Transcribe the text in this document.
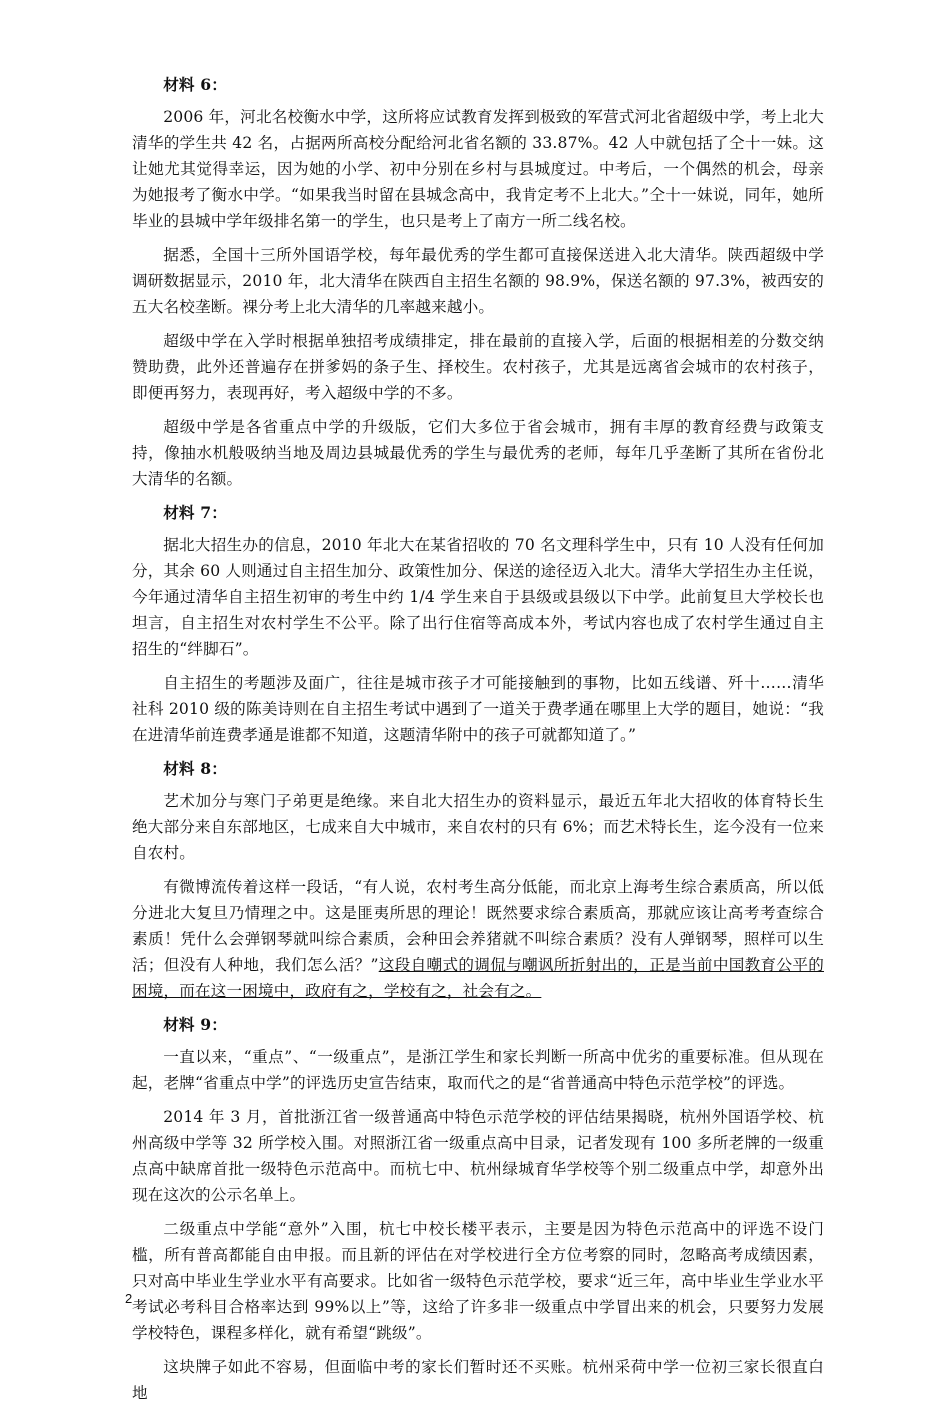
材料 6：

2006 年，河北名校衡水中学，这所将应试教育发挥到极致的军营式河北省超级中学，考上北大清华的学生共 42 名，占据两所高校分配给河北省名额的 33.87%。42 人中就包括了仝十一妹。这让她尤其觉得幸运，因为她的小学、初中分别在乡村与县城度过。中考后，一个偶然的机会，母亲为她报考了衡水中学。“如果我当时留在县城念高中，我肯定考不上北大。”仝十一妹说，同年，她所毕业的县城中学年级排名第一的学生，也只是考上了南方一所二线名校。

据悉，全国十三所外国语学校，每年最优秀的学生都可直接保送进入北大清华。陕西超级中学调研数据显示，2010 年，北大清华在陕西自主招生名额的 98.9%，保送名额的 97.3%，被西安的五大名校垄断。裸分考上北大清华的几率越来越小。

超级中学在入学时根据单独招考成绩排定，排在最前的直接入学，后面的根据相差的分数交纳赞助费，此外还普遍存在拼爹妈的条子生、择校生。农村孩子，尤其是远离省会城市的农村孩子，即便再努力，表现再好，考入超级中学的不多。

超级中学是各省重点中学的升级版，它们大多位于省会城市，拥有丰厚的教育经费与政策支持，像抽水机般吸纳当地及周边县城最优秀的学生与最优秀的老师，每年几乎垄断了其所在省份北大清华的名额。

材料 7：

据北大招生办的信息，2010 年北大在某省招收的 70 名文理科学生中，只有 10 人没有任何加分，其余 60 人则通过自主招生加分、政策性加分、保送的途径迈入北大。清华大学招生办主任说，今年通过清华自主招生初审的考生中约 1/4 学生来自于县级或县级以下中学。此前复旦大学校长也坦言，自主招生对农村学生不公平。除了出行住宿等高成本外，考试内容也成了农村学生通过自主招生的“绊脚石”。

自主招生的考题涉及面广，往往是城市孩子才可能接触到的事物，比如五线谱、歼十……清华社科 2010 级的陈美诗则在自主招生考试中遇到了一道关于费孝通在哪里上大学的题目，她说：“我在进清华前连费孝通是谁都不知道，这题清华附中的孩子可就都知道了。”

材料 8：

艺术加分与寒门子弟更是绝缘。来自北大招生办的资料显示，最近五年北大招收的体育特长生绝大部分来自东部地区，七成来自大中城市，来自农村的只有 6%；而艺术特长生，迄今没有一位来自农村。

有微博流传着这样一段话，“有人说，农村考生高分低能，而北京上海考生综合素质高，所以低分进北大复旦乃情理之中。这是匪夷所思的理论！既然要求综合素质高，那就应该让高考考查综合素质！凭什么会弹钢琴就叫综合素质，会种田会养猪就不叫综合素质？没有人弹钢琴，照样可以生活；但没有人种地，我们怎么活？”这段自嘲式的调侃与嘲讽所折射出的，正是当前中国教育公平的困境，而在这一困境中，政府有之，学校有之，社会有之。

材料 9：

一直以来，“重点”、“一级重点”，是浙江学生和家长判断一所高中优劣的重要标准。但从现在起，老牌“省重点中学”的评选历史宣告结束，取而代之的是“省普通高中特色示范学校”的评选。

2014 年 3 月，首批浙江省一级普通高中特色示范学校的评估结果揭晓，杭州外国语学校、杭州高级中学等 32 所学校入围。对照浙江省一级重点高中目录，记者发现有 100 多所老牌的一级重点高中缺席首批一级特色示范高中。而杭七中、杭州绿城育华学校等个别二级重点中学，却意外出现在这次的公示名单上。

二级重点中学能“意外”入围，杭七中校长楼平表示，主要是因为特色示范高中的评选不设门槛，所有普高都能自由申报。而且新的评估在对学校进行全方位考察的同时，忽略高考成绩因素，只对高中毕业生学业水平有高要求。比如省一级特色示范学校，要求“近三年，高中毕业生学业水平考试必考科目合格率达到 99%以上”等，这给了许多非一级重点中学冒出来的机会，只要努力发展学校特色，课程多样化，就有希望“跳级”。

这块牌子如此不容易，但面临中考的家长们暂时还不买账。杭州采荷中学一位初三家长很直白地

2
